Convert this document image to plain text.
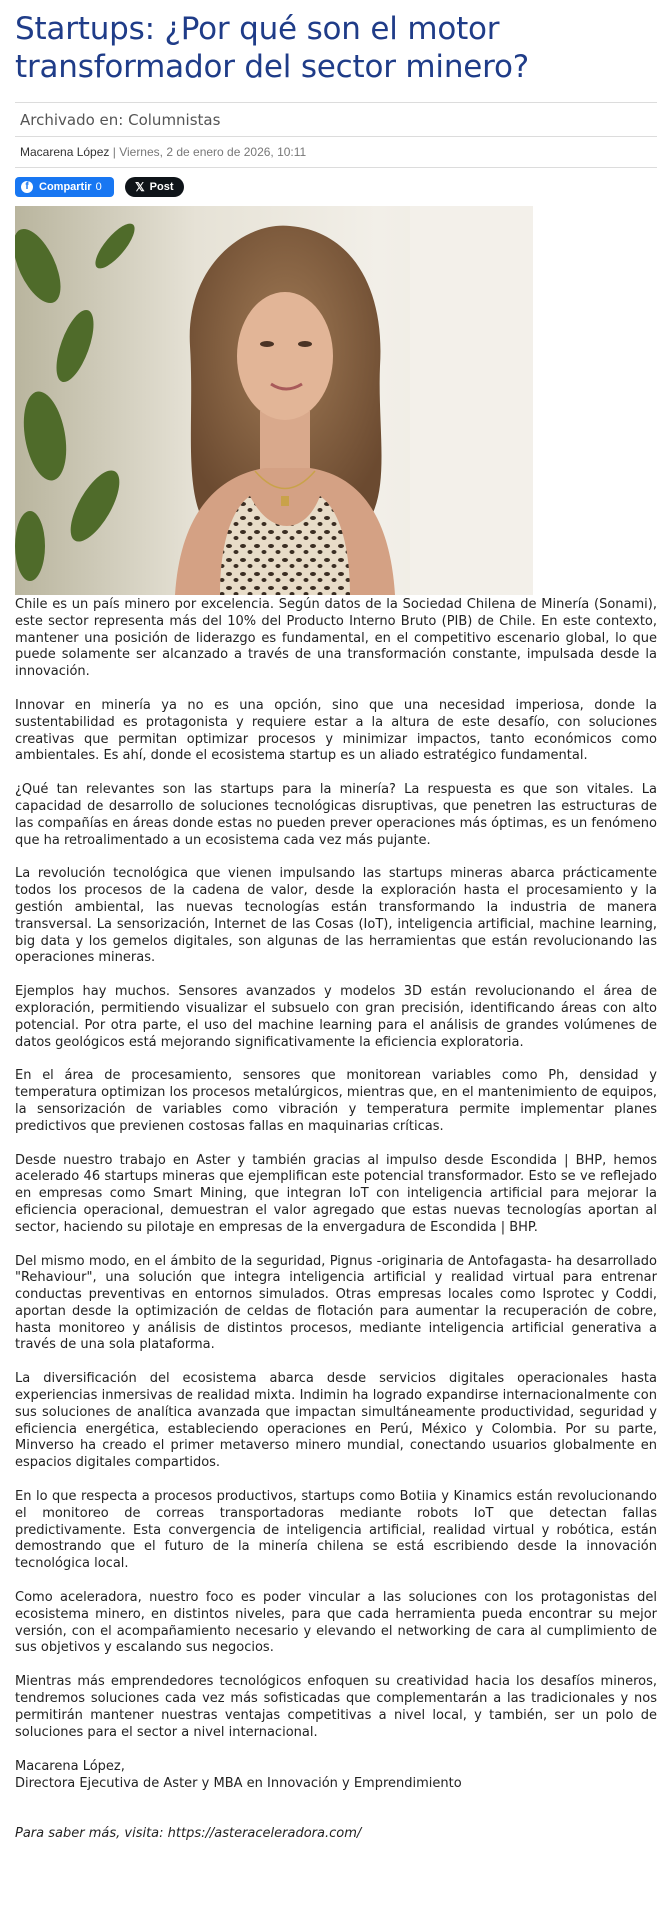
Startups: ¿Por qué son el motor transformador del sector minero?
Archivado en: Columnistas
Macarena López | Viernes, 2 de enero de 2026, 10:11
f Compartir 0	𝕏 Post

Chile es un país minero por excelencia. Según datos de la Sociedad Chilena de Minería (Sonami), este sector representa más del 10% del Producto Interno Bruto (PIB) de Chile. En este contexto, mantener una posición de liderazgo es fundamental, en el competitivo escenario global, lo que puede solamente ser alcanzado a través de una transformación constante, impulsada desde la innovación.

Innovar en minería ya no es una opción, sino que una necesidad imperiosa, donde la sustentabilidad es protagonista y requiere estar a la altura de este desafío, con soluciones creativas que permitan optimizar procesos y minimizar impactos, tanto económicos como ambientales. Es ahí, donde el ecosistema startup es un aliado estratégico fundamental.

¿Qué tan relevantes son las startups para la minería? La respuesta es que son vitales. La capacidad de desarrollo de soluciones tecnológicas disruptivas, que penetren las estructuras de las compañías en áreas donde estas no pueden prever operaciones más óptimas, es un fenómeno que ha retroalimentado a un ecosistema cada vez más pujante.

La revolución tecnológica que vienen impulsando las startups mineras abarca prácticamente todos los procesos de la cadena de valor, desde la exploración hasta el procesamiento y la gestión ambiental, las nuevas tecnologías están transformando la industria de manera transversal. La sensorización, Internet de las Cosas (IoT), inteligencia artificial, machine learning, big data y los gemelos digitales, son algunas de las herramientas que están revolucionando las operaciones mineras.

Ejemplos hay muchos. Sensores avanzados y modelos 3D están revolucionando el área de exploración, permitiendo visualizar el subsuelo con gran precisión, identificando áreas con alto potencial. Por otra parte, el uso del machine learning para el análisis de grandes volúmenes de datos geológicos está mejorando significativamente la eficiencia exploratoria.

En el área de procesamiento, sensores que monitorean variables como Ph, densidad y temperatura optimizan los procesos metalúrgicos, mientras que, en el mantenimiento de equipos, la sensorización de variables como vibración y temperatura permite implementar planes predictivos que previenen costosas fallas en maquinarias críticas.

Desde nuestro trabajo en Aster y también gracias al impulso desde Escondida | BHP, hemos acelerado 46 startups mineras que ejemplifican este potencial transformador. Esto se ve reflejado en empresas como Smart Mining, que integran IoT con inteligencia artificial para mejorar la eficiencia operacional, demuestran el valor agregado que estas nuevas tecnologías aportan al sector, haciendo su pilotaje en empresas de la envergadura de Escondida | BHP.

Del mismo modo, en el ámbito de la seguridad, Pignus -originaria de Antofagasta- ha desarrollado "Rehaviour", una solución que integra inteligencia artificial y realidad virtual para entrenar conductas preventivas en entornos simulados. Otras empresas locales como Isprotec y Coddi, aportan desde la optimización de celdas de flotación para aumentar la recuperación de cobre, hasta monitoreo y análisis de distintos procesos, mediante inteligencia artificial generativa a través de una sola plataforma.

La diversificación del ecosistema abarca desde servicios digitales operacionales hasta experiencias inmersivas de realidad mixta. Indimin ha logrado expandirse internacionalmente con sus soluciones de analítica avanzada que impactan simultáneamente productividad, seguridad y eficiencia energética, estableciendo operaciones en Perú, México y Colombia. Por su parte, Minverso ha creado el primer metaverso minero mundial, conectando usuarios globalmente en espacios digitales compartidos.

En lo que respecta a procesos productivos, startups como Botiia y Kinamics están revolucionando el monitoreo de correas transportadoras mediante robots IoT que detectan fallas predictivamente. Esta convergencia de inteligencia artificial, realidad virtual y robótica, están demostrando que el futuro de la minería chilena se está escribiendo desde la innovación tecnológica local.

Como aceleradora, nuestro foco es poder vincular a las soluciones con los protagonistas del ecosistema minero, en distintos niveles, para que cada herramienta pueda encontrar su mejor versión, con el acompañamiento necesario y elevando el networking de cara al cumplimiento de sus objetivos y escalando sus negocios.

Mientras más emprendedores tecnológicos enfoquen su creatividad hacia los desafíos mineros, tendremos soluciones cada vez más sofisticadas que complementarán a las tradicionales y nos permitirán mantener nuestras ventajas competitivas a nivel local, y también, ser un polo de soluciones para el sector a nivel internacional.

Macarena López,
Directora Ejecutiva de Aster y MBA en Innovación y Emprendimiento
Para saber más, visita: https://asteraceleradora.com/
